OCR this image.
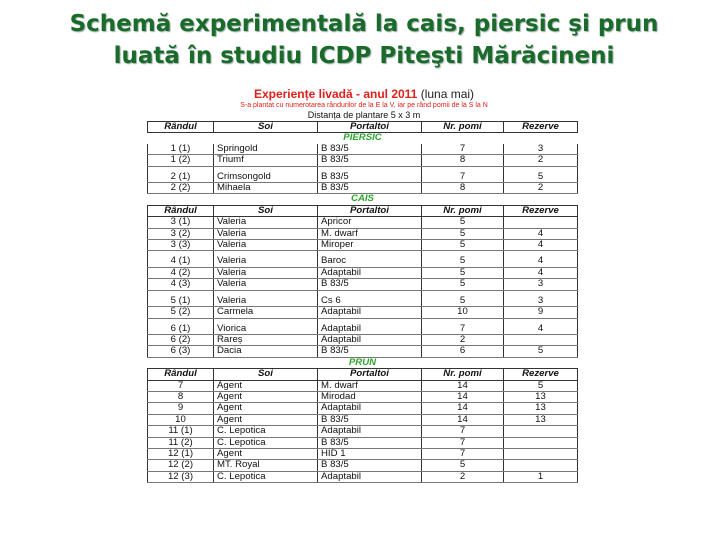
Schemă experimentală la cais, piersic şi prun
luată în studiu ICDP Piteşti Mărăcineni
Experiențe livadă - anul 2011 (luna mai)
S-a plantat cu numerotarea rândurilor de la E la V, iar pe rând pomii de la S la N
Distanța de plantare 5 x 3 m
Rândul	Soi	Portaltoi	Nr. pomi	Rezerve
PIERSIC				
1 (1)	Springold	B 83/5	7	3
1 (2)	Triumf	B 83/5	8	2

2 (1)	Crimsongold	B 83/5	7	5
2 (2)	Mihaela	B 83/5	8	2
CAIS				
Rândul	Soi	Portaltoi	Nr. pomi	Rezerve
3 (1)	Valeria	Apricor	5	
3 (2)	Valeria	M. dwarf	5	4
3 (3)	Valeria	Miroper	5	4

4 (1)	Valeria	Baroc	5	4
4 (2)	Valeria	Adaptabil	5	4
4 (3)	Valeria	B 83/5	5	3

5 (1)	Valeria	Cs 6	5	3
5 (2)	Carmela	Adaptabil	10	9

6 (1)	Viorica	Adaptabil	7	4
6 (2)	Rareș	Adaptabil	2	
6 (3)	Dacia	B 83/5	6	5
PRUN				
Rândul	Soi	Portaltoi	Nr. pomi	Rezerve
7	Agent	M. dwarf	14	5
8	Agent	Mirodad	14	13
9	Agent	Adaptabil	14	13
10	Agent	B 83/5	14	13
11 (1)	C. Lepotica	Adaptabil	7	
11 (2)	C. Lepotica	B 83/5	7	
12 (1)	Agent	HID 1	7	
12 (2)	MT. Royal	B 83/5	5	
12 (3)	C. Lepotica	Adaptabil	2	1
